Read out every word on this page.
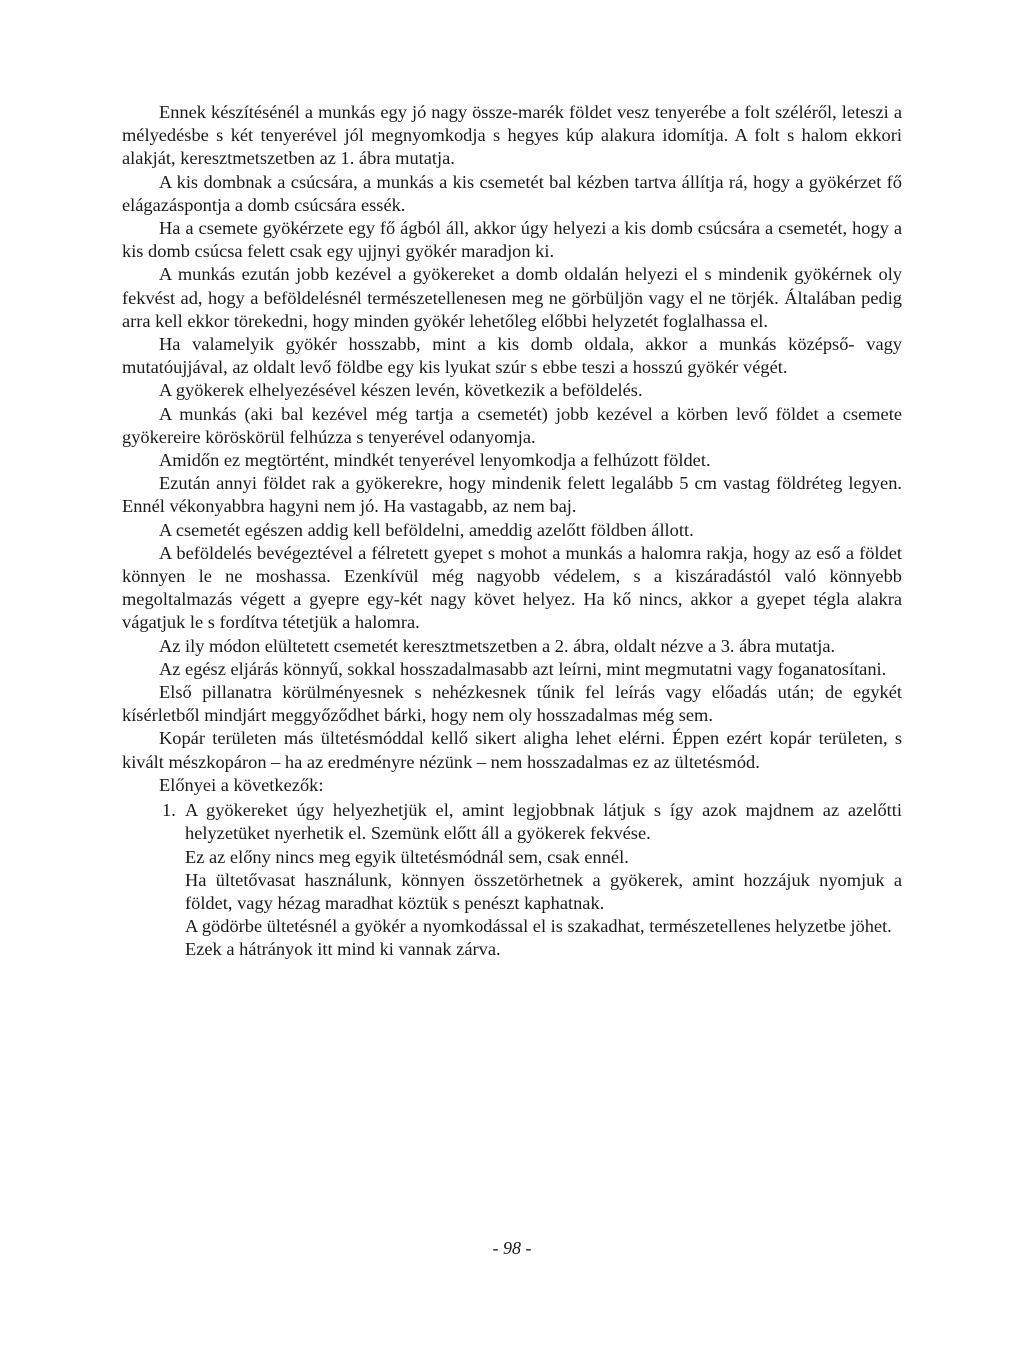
Ennek készítésénél a munkás egy jó nagy össze-marék földet vesz tenyerébe a folt széléről, leteszi a mélyedésbe s két tenyerével jól megnyomkodja s hegyes kúp alakura idomítja. A folt s halom ekkori alakját, keresztmetszetben az 1. ábra mutatja.

A kis dombnak a csúcsára, a munkás a kis csemetét bal kézben tartva állítja rá, hogy a gyökérzet fő elágazáspontja a domb csúcsára essék.

Ha a csemete gyökérzete egy fő ágból áll, akkor úgy helyezi a kis domb csúcsára a csemetét, hogy a kis domb csúcsa felett csak egy ujjnyi gyökér maradjon ki.

A munkás ezután jobb kezével a gyökereket a domb oldalán helyezi el s mindenik gyökérnek oly fekvést ad, hogy a beföldelésnél természetellenesen meg ne görbüljön vagy el ne törjék. Általában pedig arra kell ekkor törekedni, hogy minden gyökér lehetőleg előbbi helyzetét foglalhassa el.

Ha valamelyik gyökér hosszabb, mint a kis domb oldala, akkor a munkás középső- vagy mutatóujjával, az oldalt levő földbe egy kis lyukat szúr s ebbe teszi a hosszú gyökér végét.

A gyökerek elhelyezésével készen levén, következik a beföldelés.

A munkás (aki bal kezével még tartja a csemetét) jobb kezével a körben levő földet a csemete gyökereire köröskörül felhúzza s tenyerével odanyomja.

Amidőn ez megtörtént, mindkét tenyerével lenyomkodja a felhúzott földet.

Ezután annyi földet rak a gyökerekre, hogy mindenik felett legalább 5 cm vastag földréteg legyen. Ennél vékonyabbra hagyni nem jó. Ha vastagabb, az nem baj.

A csemetét egészen addig kell beföldelni, ameddig azelőtt földben állott.

A beföldelés bevégeztével a félretett gyepet s mohot a munkás a halomra rakja, hogy az eső a földet könnyen le ne moshassa. Ezenkívül még nagyobb védelem, s a kiszáradástól való könnyebb megoltalmazás végett a gyepre egy-két nagy követ helyez. Ha kő nincs, akkor a gyepet tégla alakra vágatjuk le s fordítva tétetjük a halomra.

Az ily módon elültetett csemetét keresztmetszetben a 2. ábra, oldalt nézve a 3. ábra mutatja.

Az egész eljárás könnyű, sokkal hosszadalmasabb azt leírni, mint megmutatni vagy foganatosítani.

Első pillanatra körülményesnek s nehézkesnek tűnik fel leírás vagy előadás után; de egykét kísérletből mindjárt meggyőződhet bárki, hogy nem oly hosszadalmas még sem.

Kopár területen más ültetésmóddal kellő sikert aligha lehet elérni. Éppen ezért kopár területen, s kivált mészkopáron – ha az eredményre nézünk – nem hosszadalmas ez az ültetésmód.

Előnyei a következők:

1. A gyökereket úgy helyezhetjük el, amint legjobbnak látjuk s így azok majdnem az azelőtti helyzetüket nyerhetik el. Szemünk előtt áll a gyökerek fekvése.
Ez az előny nincs meg egyik ültetésmódnál sem, csak ennél.
Ha ültetővasat használunk, könnyen összetörhetnek a gyökerek, amint hozzájuk nyomjuk a földet, vagy hézag maradhat köztük s penészt kaphatnak.
A gödörbe ültetésnél a gyökér a nyomkodással el is szakadhat, természetellenes helyzetbe jöhet.
Ezek a hátrányok itt mind ki vannak zárva.
- 98 -
